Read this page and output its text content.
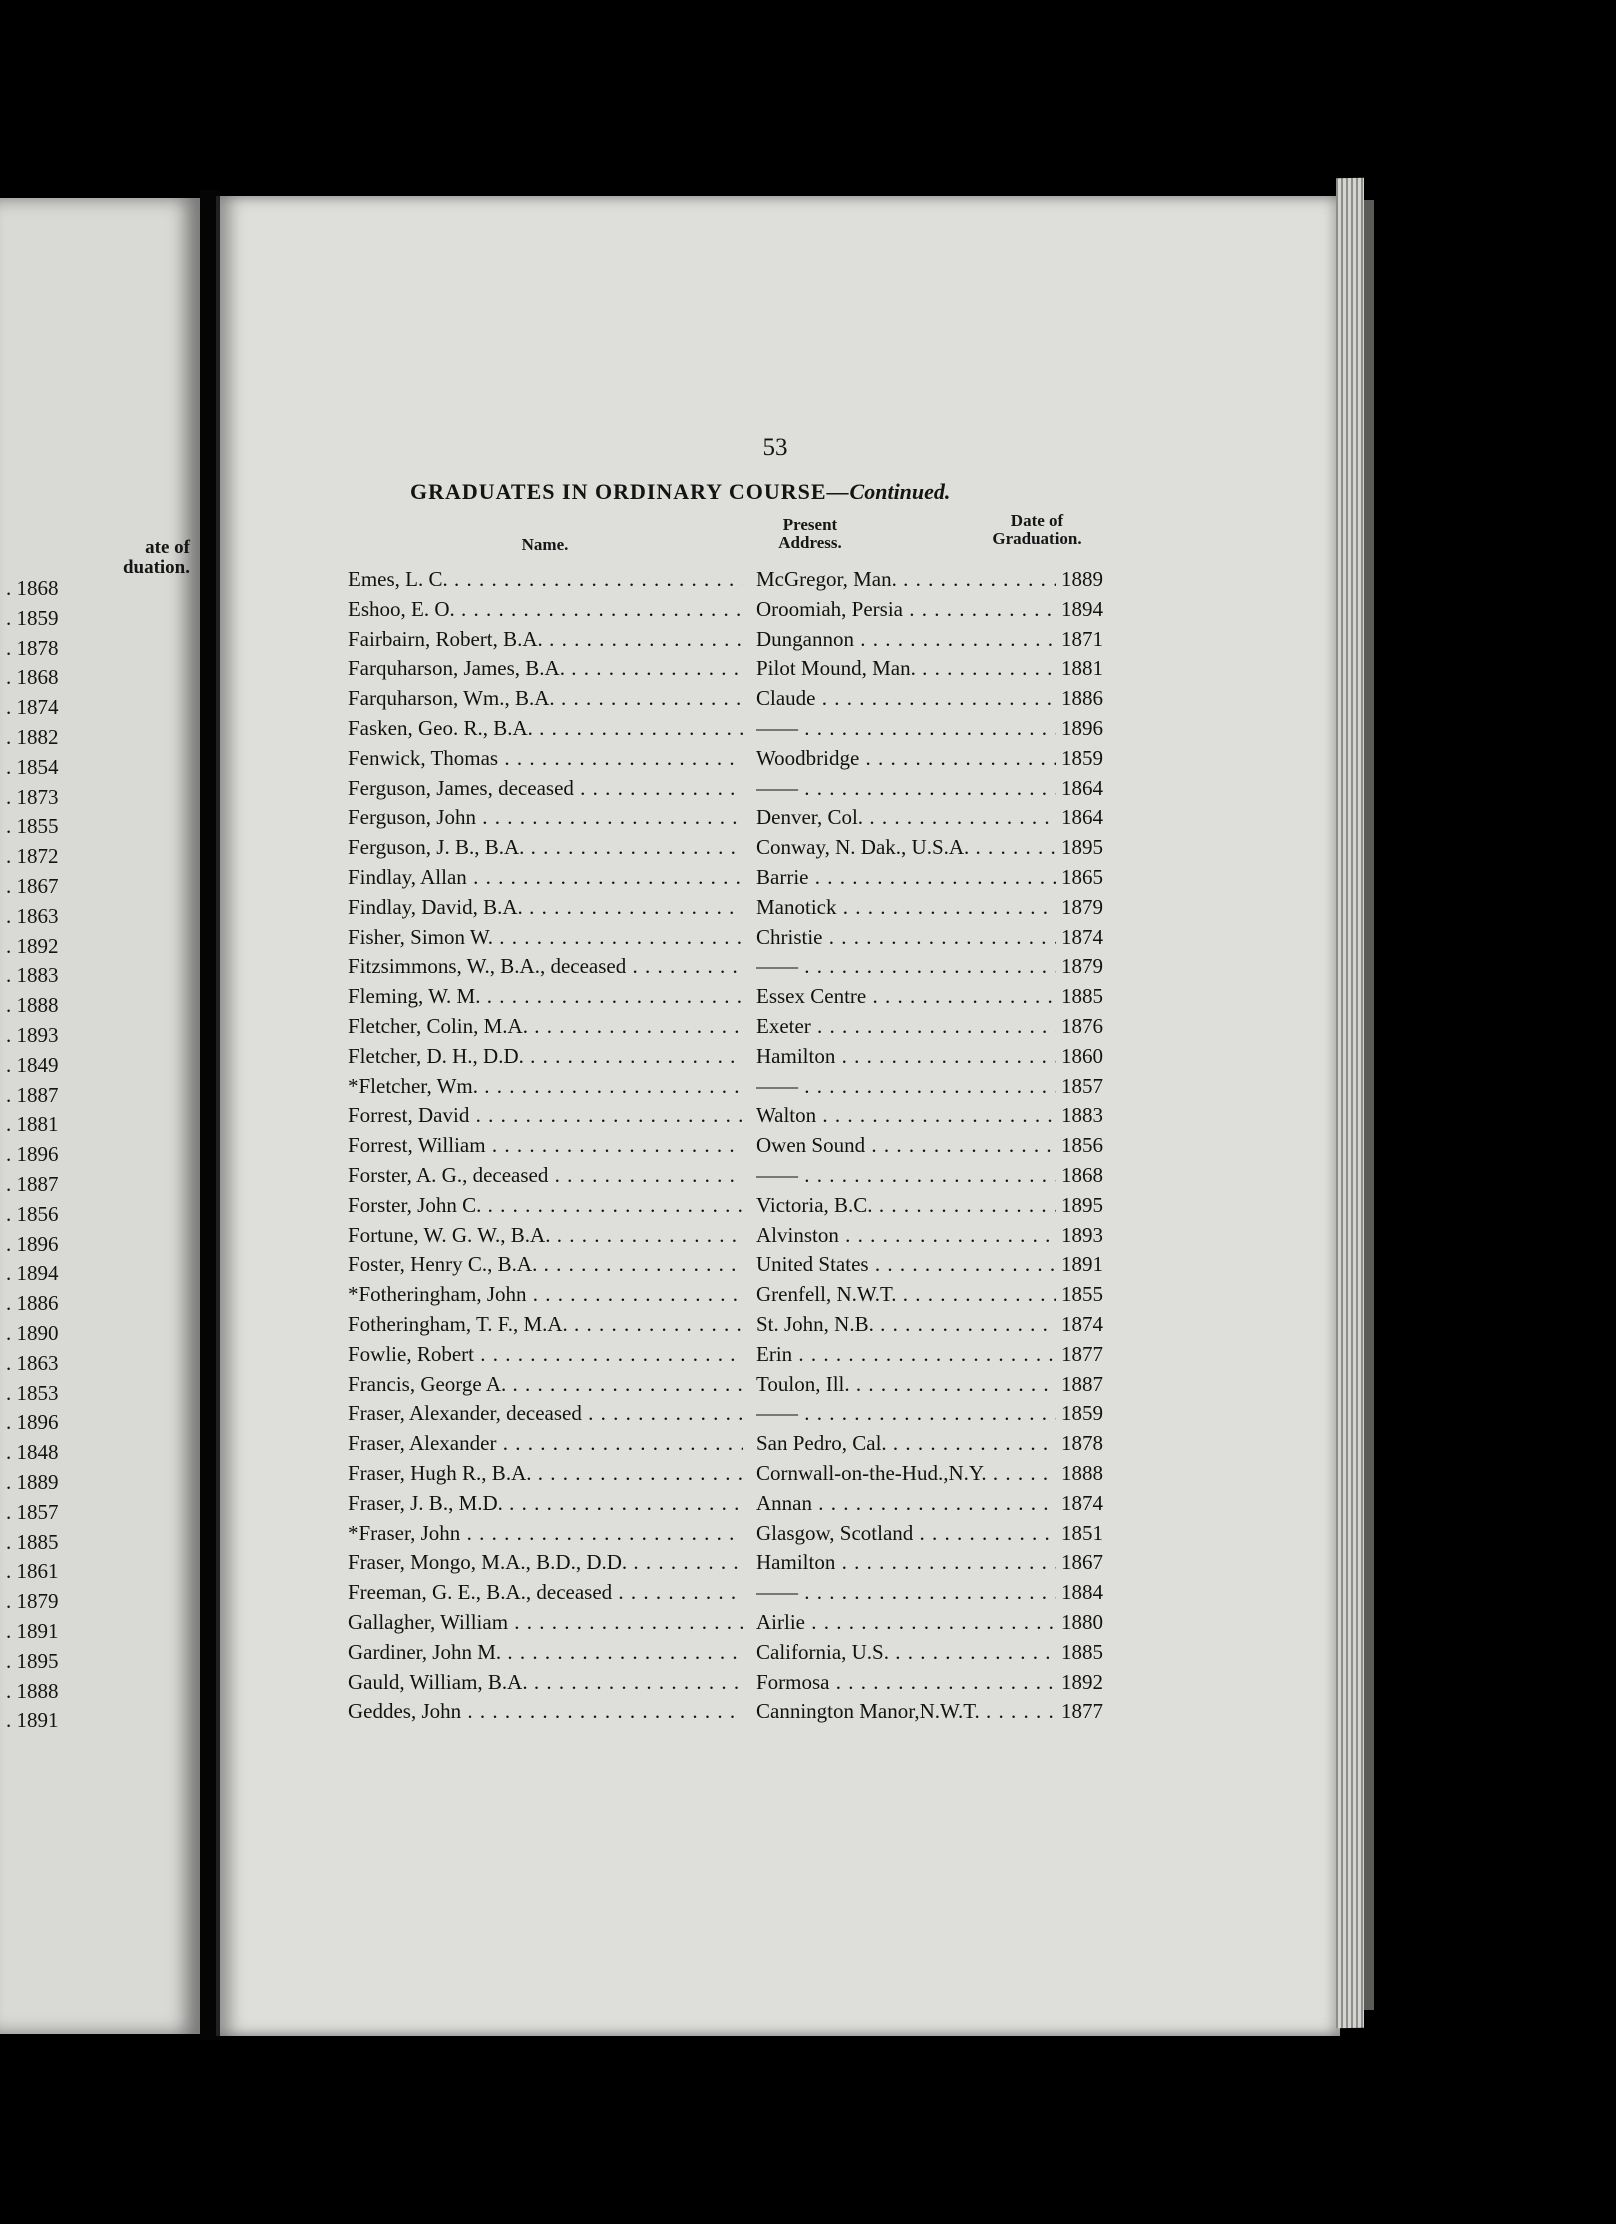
ate of
duation.
. 1868
. 1859
. 1878
. 1868
. 1874
. 1882
. 1854
. 1873
. 1855
. 1872
. 1867
. 1863
. 1892
. 1883
. 1888
. 1893
. 1849
. 1887
. 1881
. 1896
. 1887
. 1856
. 1896
. 1894
. 1886
. 1890
. 1863
. 1853
. 1896
. 1848
. 1889
. 1857
. 1885
. 1861
. 1879
. 1891
. 1895
. 1888
. 1891
53
GRADUATES IN ORDINARY COURSE—Continued.
Name.
Present
Address.
Date of
Graduation.
Emes, L. C. . . .	McGregor, Man. . . .	1889
Eshoo, E. O. . . .	Oroomiah, Persia . . .	1894
Fairbairn, Robert, B.A. . . .	Dungannon . . .	1871
Farquharson, James, B.A. . . .	Pilot Mound, Man. . . .	1881
Farquharson, Wm., B.A. . . .	Claude . . .	1886
Fasken, Geo. R., B.A. . . .	—— . . .	1896
Fenwick, Thomas . . .	Woodbridge . . .	1859
Ferguson, James, deceased . . .	—— . . .	1864
Ferguson, John . . .	Denver, Col. . . .	1864
Ferguson, J. B., B.A. . . .	Conway, N. Dak., U.S.A. . . .	1895
Findlay, Allan . . .	Barrie . . .	1865
Findlay, David, B.A. . . .	Manotick . . .	1879
Fisher, Simon W. . . .	Christie . . .	1874
Fitzsimmons, W., B.A., deceased . . .	—— . . .	1879
Fleming, W. M. . . .	Essex Centre . . .	1885
Fletcher, Colin, M.A. . . .	Exeter . . .	1876
Fletcher, D. H., D.D. . . .	Hamilton . . .	1860
*Fletcher, Wm. . . .	—— . . .	1857
Forrest, David . . .	Walton . . .	1883
Forrest, William . . .	Owen Sound . . .	1856
Forster, A. G., deceased . . .	—— . . .	1868
Forster, John C. . . .	Victoria, B.C. . . .	1895
Fortune, W. G. W., B.A. . . .	Alvinston . . .	1893
Foster, Henry C., B.A. . . .	United States . . .	1891
*Fotheringham, John . . .	Grenfell, N.W.T. . . .	1855
Fotheringham, T. F., M.A. . . .	St. John, N.B. . . .	1874
Fowlie, Robert . . .	Erin . . .	1877
Francis, George A. . . .	Toulon, Ill. . . .	1887
Fraser, Alexander, deceased . . .	—— . . .	1859
Fraser, Alexander . . .	San Pedro, Cal. . . .	1878
Fraser, Hugh R., B.A. . . .	Cornwall-on-the-Hud.,N.Y. . . .	1888
Fraser, J. B., M.D. . . .	Annan . . .	1874
*Fraser, John . . .	Glasgow, Scotland . . .	1851
Fraser, Mongo, M.A., B.D., D.D. . . .	Hamilton . . .	1867
Freeman, G. E., B.A., deceased . . .	—— . . .	1884
Gallagher, William . . .	Airlie . . .	1880
Gardiner, John M. . . .	California, U.S. . . .	1885
Gauld, William, B.A. . . .	Formosa . . .	1892
Geddes, John . . .	Cannington Manor,N.W.T. . . .	1877
